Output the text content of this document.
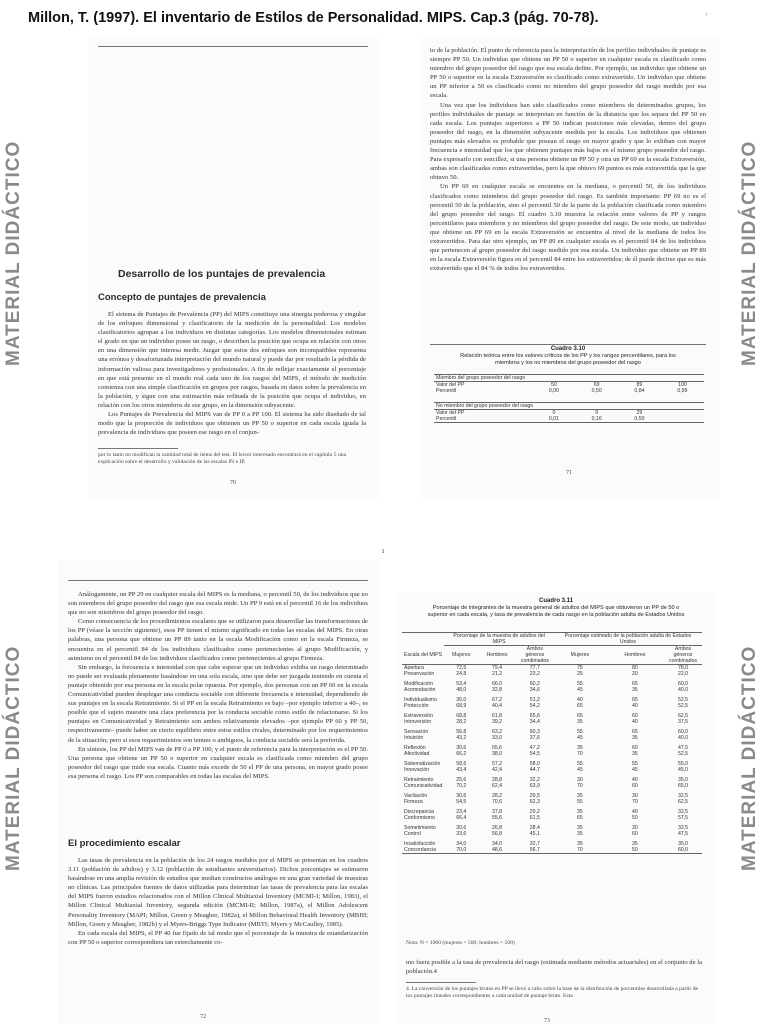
Millon, T. (1997). El inventario de Estilos de Personalidad. MIPS. Cap.3 (pág. 70-78).	'
ı
MATERIAL DIDÁCTICO	MATERIAL DIDÁCTICO
MATERIAL DIDÁCTICO	MATERIAL DIDÁCTICO
Desarrollo de los puntajes de prevalencia
Concepto de puntajes de prevalencia

El sistema de Puntajes de Prevalencia (PP) del MIPS constituye una sinergia poderosa y singular de los enfoques dimensional y clasificatorio de la medición de la personalidad. Los modelos clasificatorios agrupan a los individuos en distintas categorías. Los modelos dimensionales estiman el grado en que un individuo posee un rasgo, o describen la posición que ocupa en relación con otros en una dimensión que interesa medir. Juzgar que estos dos enfoques son incompatibles representa una errónea y desafortunada interpretación del mundo natural y puede dar por resultado la pérdida de información valiosa para investigadores y profesionales. A fin de reflejar exactamente el porcentaje en que está presente en el mundo real cada uno de los rasgos del MIPS, el método de medición comienza con una simple clasificación en grupos por rasgos, basada en datos sobre la prevalencia en la población, y sigue con una estimación más refinada de la posición que ocupa el individuo, en relación con los otros miembros de ese grupo, en la dimensión subyacente.

Los Puntajes de Prevalencia del MIPS van de PP 0 a PP 100. El sistema ha sido diseñado de tal modo que la proporción de individuos que obtienen un PP 50 o superior en cada escala iguala la prevalencia de individuos que poseen ese rasgo en el conjun-

por lo tanto no modifican la cantidad total de ítems del test. El lector interesado encontrará en el capítulo 5 una explicación sobre el desarrollo y validación de las escalas IN e IP.
70

to de la población. El punto de referencia para la interpretación de los perfiles individuales de puntaje es siempre PP 50. Un individuo que obtiene un PP 50 o superior en cualquier escala es clasificado como miembro del grupo poseedor del rasgo que esa escala define. Por ejemplo, un individuo que obtiene un PP 50 o superior en la escala Extraversión es clasificado como extravertido. Un individuo que obtiene un PP inferior a 50 es clasificado como no miembro del grupo poseedor del rasgo medido por esa escala.

Una vez que los individuos han sido clasificados como miembros de determinados grupos, los perfiles individuales de puntaje se interpretan en función de la distancia que los separa del PP 50 en cada escala. Los puntajes superiores a PP 50 indican posiciones más elevadas, dentro del grupo poseedor del rasgo, en la dimensión subyacente medida por la escala. Los individuos que obtienen puntajes más elevados es probable que posean el rasgo en mayor grado y que lo exhiban con mayor frecuencia e intensidad que los que obtienen puntajes más bajos en el mismo grupo poseedor del rasgo. Para expresarlo con sencillez, si una persona obtiene un PP 50 y otra un PP 69 en la escala Extraversión, ambas son clasificadas como extravertidas, pero la que obtuvo 69 puntos es más extravertida que la que obtuvo 50.

Un PP 69 en cualquier escala se encuentra en la mediana, o percentil 50, de los individuos clasificados como miembros del grupo poseedor del rasgo. Es también importante: PP 69 no es el percentil 50 de la población, sino el percentil 50 de la parte de la población clasificada como miembro del grupo poseedor del rasgo. El cuadro 3.10 muestra la relación entre valores de PP y rangos percentilares para miembros y no miembros del grupo poseedor del rasgo. De este modo, un individuo que obtiene un PP 69 en la escala Extraversión se encuentra al nivel de la mediana de todos los extravertidos. Para dar otro ejemplo, un PP 89 en cualquier escala es el percentil 84 de los individuos que pertenecen al grupo poseedor del rasgo medido por esa escala. Un individuo que obtiene un PP 89 en la escala Extraversión figura en el percentil 84 entre los extravertidos; de él puede decirse que es más extravertido que el 84 % de todos los extravertidos.

Cuadro 3.10
Relación teórica entre los valores críticos de los PP y los rangos percentilares, para los miembros y los no miembros del grupo poseedor del rasgo
Miembro del grupo poseedor del rasgo				
Valor del PP	50	69	89	100
Percentil	0,00	0,50	0,84	0,99

No miembro del grupo poseedor del rasgo				
Valor del PP	0	9	29	
Percentil	0,01	0,16	0,50	
71

Análogamente, un PP 29 en cualquier escala del MIPS es la mediana, o percentil 50, de los individuos que no son miembros del grupo poseedor del rasgo que esa escala mide. Un PP 9 está en el percentil 16 de los individuos que no son miembros del grupo poseedor del rasgo.

Como consecuencia de los procedimientos escalares que se utilizaron para desarrollar las transformaciones de los PP (véase la sección siguiente), esos PP tienen el mismo significado en todas las escalas del MIPS. En otras palabras, una persona que obtiene un PP 89 tanto en la escala Modificación como en la escala Firmeza, se encuentra en el percentil 84 de los individuos clasificados como pertenecientes al grupo Modificación, y asimismo en el percentil 84 de los individuos clasificados como pertenecientes al grupo Firmeza.

Sin embargo, la frecuencia e intensidad con que cabe esperar que un individuo exhiba un rasgo determinado no puede ser evaluada plenamente basándose en una sola escala, sino que debe ser juzgada teniendo en cuenta el puntaje obtenido por esa persona en la escala polar opuesta. Por ejemplo, dos personas con un PP 60 en la escala Comunicatividad pueden desplegar una conducta sociable con diferente frecuencia e intensidad, dependiendo de sus puntajes en la escala Retraimiento. Si el PP en la escala Retraimiento es bajo –por ejemplo inferior a 40–, es posible que el sujeto muestre una clara preferencia por la conducta sociable como estilo de relacionarse. Si los puntajes en Comunicatividad y Retraimiento son ambos relativamente elevados –por ejemplo PP 60 y PP 50, respectivamente– puede haber un cierto equilibrio entre estos estilos rivales, determinado por los requerimientos de la situación; pero si esos requerimientos son tenues o ambiguos, la conducta sociable será la preferida.

En síntesis, los PP del MIPS van de PP 0 a PP 100, y el punto de referencia para la interpretación es el PP 50. Una persona que obtiene un PP 50 o superior en cualquier escala es clasificada como miembro del grupo poseedor del rasgo que mide esa escala. Cuanto más excede de 50 el PP de una persona, en mayor grado posee esa persona el rasgo. Los PP son comparables en todas las escalas del MIPS.

El procedimiento escalar

Las tasas de prevalencia en la población de los 24 rasgos medidos por el MIPS se presentan en los cuadros 3.11 (población de adultos) y 3.12 (población de estudiantes universitarios). Dichos porcentajes se estimaron basándose en una amplia revisión de estudios que median constructos análogos en una gran variedad de muestras no clínicas. Las principales fuentes de datos utilizadas para determinar las tasas de prevalencia para las escalas del MIPS fueron estudios relacionados con el Millon Clinical Multiaxial Inventory (MCMI-I; Millon, 1983), el Millon Clinical Multiaxial Inventory, segunda edición (MCMI-II; Millon, 1987a), el Millon Adolescent Personality Inventory (MAPI; Millon, Green y Meagher, 1982a), el Millon Behavioral Health Inventory (MBHI; Millon, Green y Meagher, 1982b) y el Myers-Briggs Type Indicator (MBTI; Myers y McCaulley, 1985).

En cada escala del MIPS, el PP 40 fue fijado de tal modo que el porcentaje de la muestra de estandarización con PP 50 o superior correspondiera tan estrechamente co-

72
Cuadro 3.11
Porcentaje de integrantes de la muestra general de adultos del MIPS que obtuvieron un PP de 50 o superior en cada escala, y tasa de prevalencia de cada rasgo en la población adulta de Estados Unidos
	Porcentaje de la muestra de adultos del MIPS			Porcentaje estimado de la población adulta de Estados Unidos		
Escala del MIPS	Mujeres	Hombres	Ambos géneros combinados	Mujeres	Hombres	Ambos géneros combinados
Apertura	72,5	79,4	77,7	75	80	78,0
Preservación	24,8	21,2	23,2	25	20	22,0
Modificación	53,4	66,0	60,2	55	65	60,0
Acomodación	48,0	32,8	34,6	45	35	40,0
Individualismo	36,0	67,2	51,2	40	65	52,5
Protección	68,9	40,4	54,2	65	40	52,5
Extraversión	68,8	61,8	65,6	65	60	62,5
Introversión	28,2	39,2	34,4	35	40	37,5
Sensación	56,8	63,2	60,3	55	65	60,0
Intuición	43,2	33,0	37,6	45	35	40,0
Reflexión	30,6	65,6	47,2	35	60	47,5
Afectividad	66,2	38,0	54,5	70	35	52,5
Sistematización	58,6	57,2	58,0	55	55	55,0
Innovación	43,4	42,4	44,7	45	45	45,0
Retraimiento	25,6	28,8	32,2	30	40	35,0
Comunicatividad	70,2	62,4	63,9	70	60	65,0
Vacilación	30,6	28,2	29,5	35	30	32,5
Firmeza	54,5	70,6	62,3	55	70	62,5
Discrepancia	23,4	37,8	29,2	35	40	32,5
Conformismo	66,4	55,6	61,5	65	50	57,5
Sometimiento	30,6	26,8	28,4	35	30	32,5
Control	33,6	56,8	45,1	35	60	47,5
Insatisfacción	34,0	34,0	32,7	35	35	35,0
Concordancia	70,0	48,6	56,7	70	50	60,0
Nota: N = 1000 (mujeres = 500; hombres = 500)

mo fuera posible a la tasa de prevalencia del rasgo (estimada mediante métodos actuariales) en el conjunto de la población.4

4. La conversión de los puntajes brutos en PP se llevó a cabo sobre la base de la distribución de porcentiles desarrollada a partir de los puntajes lineales correspondientes a cada unidad de puntaje bruto. Esta
73
